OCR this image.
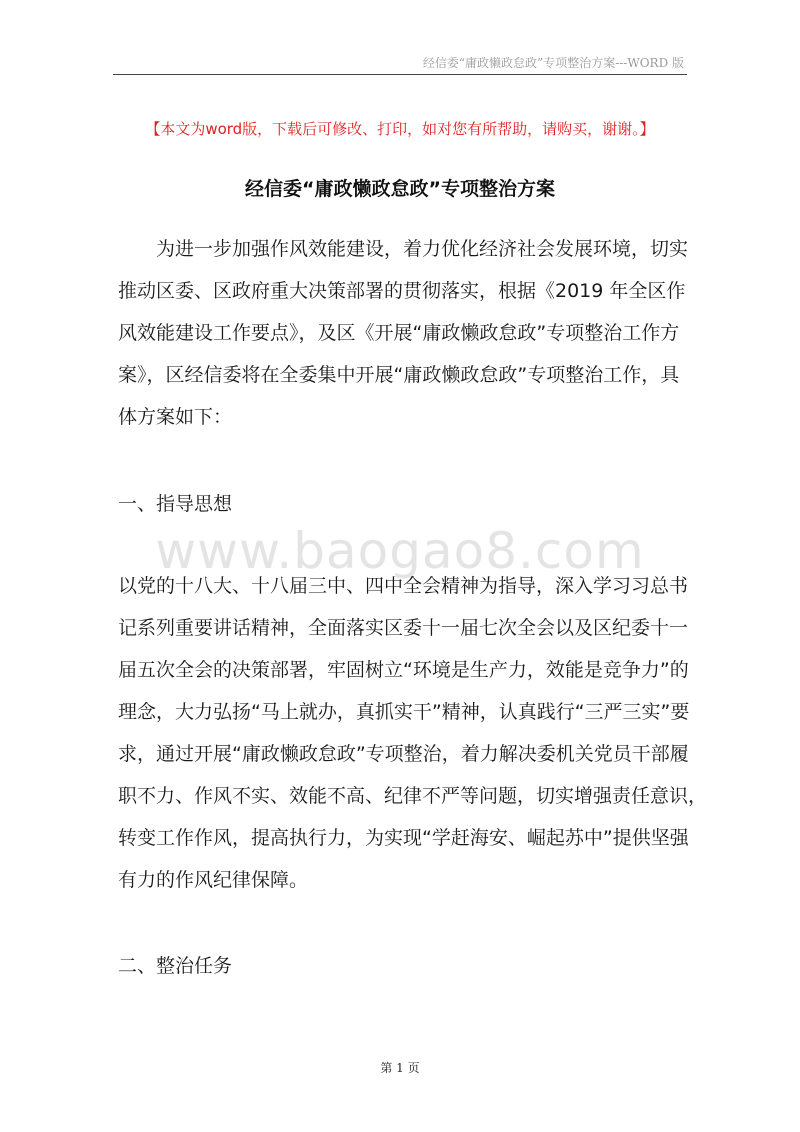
经信委“庸政懒政怠政”专项整治方案---WORD 版
【本文为word版，下载后可修改、打印，如对您有所帮助，请购买，谢谢。】
经信委“庸政懒政怠政”专项整治方案
　　为进一步加强作风效能建设，着力优化经济社会发展环境，切实
推动区委、区政府重大决策部署的贯彻落实，根据《2019 年全区作
风效能建设工作要点》，及区《开展“庸政懒政怠政”专项整治工作方
案》，区经信委将在全委集中开展“庸政懒政怠政”专项整治工作，具
体方案如下：
一、指导思想
www.baogao8.com
以党的十八大、十八届三中、四中全会精神为指导，深入学习习总书
记系列重要讲话精神，全面落实区委十一届七次全会以及区纪委十一
届五次全会的决策部署，牢固树立“环境是生产力，效能是竞争力”的
理念，大力弘扬“马上就办，真抓实干”精神，认真践行“三严三实”要
求，通过开展“庸政懒政怠政”专项整治，着力解决委机关党员干部履
职不力、作风不实、效能不高、纪律不严等问题，切实增强责任意识，
转变工作作风，提高执行力，为实现“学赶海安、崛起苏中”提供坚强
有力的作风纪律保障。
二、整治任务
第 1 页
